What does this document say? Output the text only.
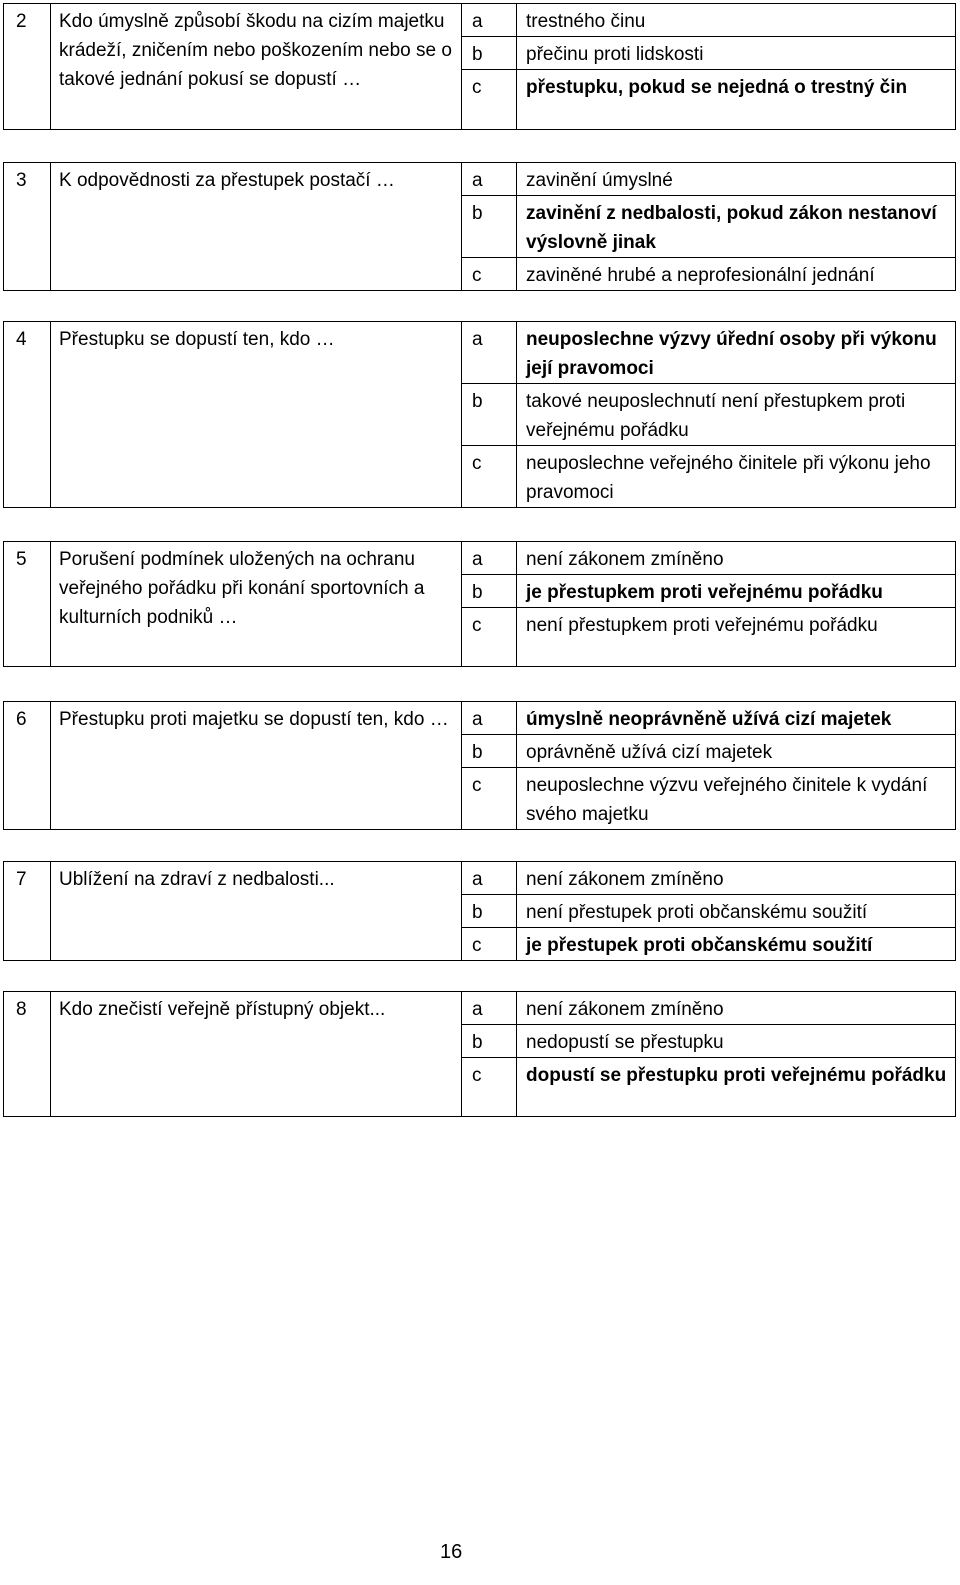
2	Kdo úmyslně způsobí škodu na cizím majetku krádeží, zničením nebo poškozením nebo se o takové jednání pokusí se dopustí …	a	trestného činu

		b	přečinu proti lidskosti

		c	přestupku, pokud se nejedná o trestný čin
3	K odpovědnosti za přestupek postačí …	a	zavinění úmyslné

		b	zavinění z nedbalosti, pokud zákon nestanoví výslovně jinak

		c	zaviněné hrubé a neprofesionální jednání
4	Přestupku se dopustí ten, kdo …	a	neuposlechne výzvy úřední osoby při výkonu její pravomoci

		b	takové neuposlechnutí není přestupkem proti veřejnému pořádku

		c	neuposlechne veřejného činitele při výkonu jeho pravomoci
5	Porušení podmínek uložených na ochranu veřejného pořádku při konání sportovních a kulturních podniků …	a	není zákonem zmíněno

		b	je přestupkem proti veřejnému pořádku

		c	není přestupkem proti veřejnému pořádku
6	Přestupku proti majetku se dopustí ten, kdo …	a	úmyslně neoprávněně užívá cizí majetek

		b	oprávněně užívá cizí majetek

		c	neuposlechne výzvu veřejného činitele k vydání svého majetku
7	Ublížení na zdraví z nedbalosti...	a	není zákonem zmíněno

		b	není přestupek proti občanskému soužití

		c	je přestupek proti občanskému soužití
8	Kdo znečistí veřejně přístupný objekt...	a	není zákonem zmíněno

		b	nedopustí se přestupku

		c	dopustí se přestupku proti veřejnému pořádku
16
